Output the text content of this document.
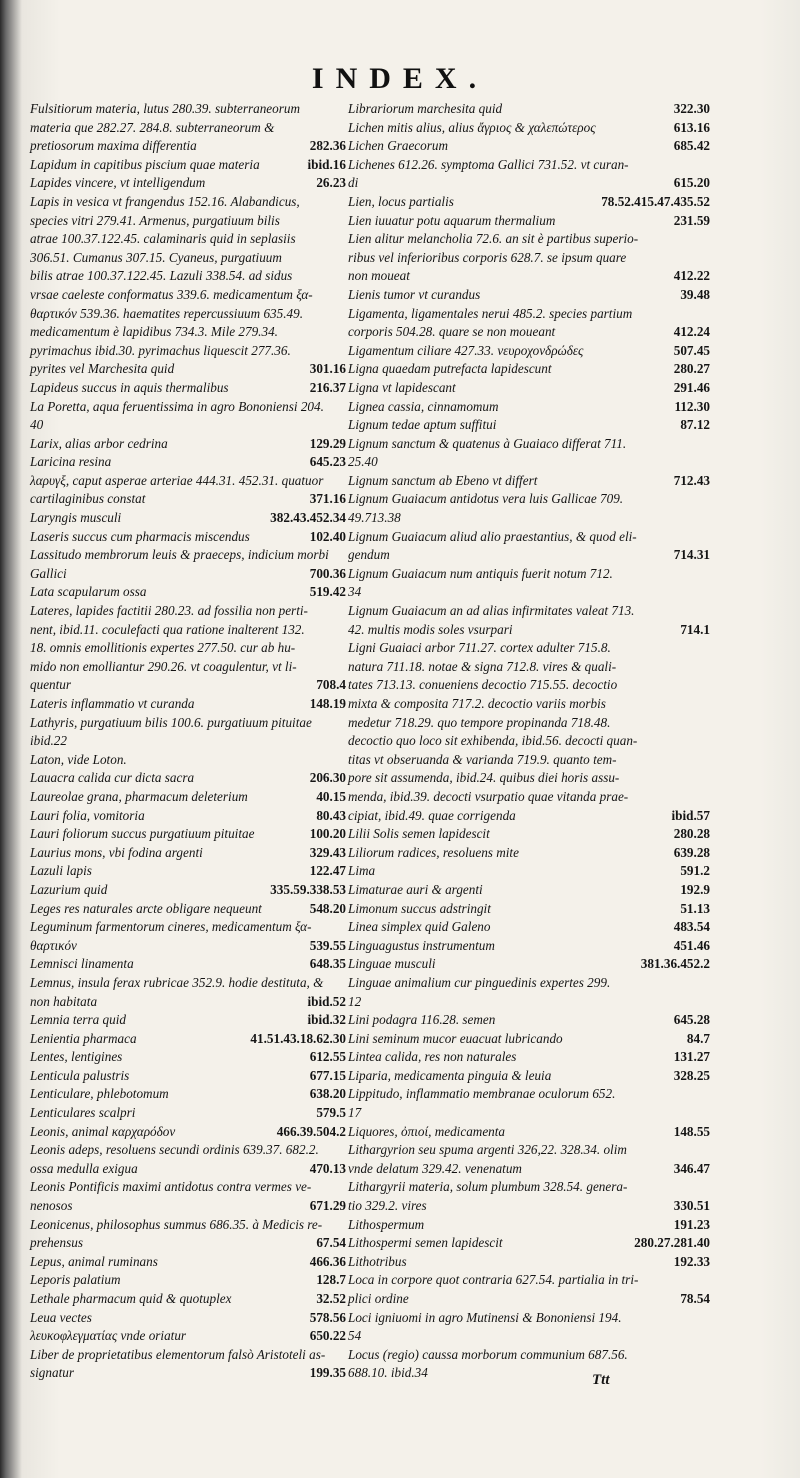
INDEX.
Fulsitiorum materia, lutus 280.39. subterraneorum
materia que 282.27. 284.8. subterraneorum &
pretiosorum maxima differentia	282.36
Lapidum in capitibus piscium quae materia	ibid.16
Lapides vincere, vt intelligendum	26.23
Lapis in vesica vt frangendus 152.16. Alabandicus,
species vitri 279.41. Armenus, purgatiuum bilis
atrae 100.37.122.45. calaminaris quid in seplasiis
306.51. Cumanus 307.15. Cyaneus, purgatiuum
bilis atrae 100.37.122.45. Lazuli 338.54. ad sidus
vrsae caeleste conformatus 339.6. medicamentum ξα-
θαρτικόν 539.36. haematites repercussiuum 635.49.
medicamentum è lapidibus 734.3. Mile 279.34.
pyrimachus ibid.30. pyrimachus liquescit 277.36.
pyrites vel Marchesita quid	301.16
Lapideus succus in aquis thermalibus	216.37
La Poretta, aqua feruentissima in agro Bononiensi 204.
40
Larix, alias arbor cedrina	129.29
Laricina resina	645.23
λαρυγξ, caput asperae arteriae 444.31. 452.31. quatuor
cartilaginibus constat	371.16
Laryngis musculi	382.43.452.34
Laseris succus cum pharmacis miscendus	102.40
Lassitudo membrorum leuis & praeceps, indicium morbi
Gallici	700.36
Lata scapularum ossa	519.42
Lateres, lapides factitii 280.23. ad fossilia non perti-
nent, ibid.11. coculefacti qua ratione inalterent 132.
18. omnis emollitionis expertes 277.50. cur ab hu-
mido non emolliantur 290.26. vt coagulentur, vt li-
quentur	708.4
Lateris inflammatio vt curanda	148.19
Lathyris, purgatiuum bilis 100.6. purgatiuum pituitae
ibid.22
Laton, vide Loton.
Lauacra calida cur dicta sacra	206.30
Laureolae grana, pharmacum deleterium	40.15
Lauri folia, vomitoria	80.43
Lauri foliorum succus purgatiuum pituitae	100.20
Laurius mons, vbi fodina argenti	329.43
Lazuli lapis	122.47
Lazurium quid	335.59.338.53
Leges res naturales arcte obligare nequeunt	548.20
Leguminum farmentorum cineres, medicamentum ξα-
θαρτικόν	539.55
Lemnisci linamenta	648.35
Lemnus, insula ferax rubricae 352.9. hodie destituta, &
non habitata	ibid.52
Lemnia terra quid	ibid.32
Lenientia pharmaca	41.51.43.18.62.30
Lentes, lentigines	612.55
Lenticula palustris	677.15
Lenticulare, phlebotomum	638.20
Lenticulares scalpri	579.5
Leonis, animal καρχαρόδον	466.39.504.2
Leonis adeps, resoluens secundi ordinis 639.37. 682.2.
ossa medulla exigua	470.13
Leonis Pontificis maximi antidotus contra vermes ve-
nenosos	671.29
Leonicenus, philosophus summus 686.35. à Medicis re-
prehensus	67.54
Lepus, animal ruminans	466.36
Leporis palatium	128.7
Lethale pharmacum quid & quotuplex	32.52
Leua vectes	578.56
λευκοφλεγματίας vnde oriatur	650.22
Liber de proprietatibus elementorum falsò Aristoteli as-
signatur	199.35
Librariorum marchesita quid	322.30
Lichen mitis alius, alius ἄγριος & χαλεπώτερος	613.16
Lichen Graecorum	685.42
Lichenes 612.26. symptoma Gallici 731.52. vt curan-
di	615.20
Lien, locus partialis	78.52.415.47.435.52
Lien iuuatur potu aquarum thermalium	231.59
Lien alitur melancholia 72.6. an sit è partibus superio-
ribus vel inferioribus corporis 628.7. se ipsum quare
non moueat	412.22
Lienis tumor vt curandus	39.48
Ligamenta, ligamentales nerui 485.2. species partium
corporis 504.28. quare se non moueant	412.24
Ligamentum ciliare 427.33. νευροχονδρώδες	507.45
Ligna quaedam putrefacta lapidescunt	280.27
Ligna vt lapidescant	291.46
Lignea cassia, cinnamomum	112.30
Lignum tedae aptum suffitui	87.12
Lignum sanctum & quatenus à Guaiaco differat 711.
25.40
Lignum sanctum ab Ebeno vt differt	712.43
Lignum Guaiacum antidotus vera luis Gallicae 709.
49.713.38
Lignum Guaiacum aliud alio praestantius, & quod eli-
gendum	714.31
Lignum Guaiacum num antiquis fuerit notum 712.
34
Lignum Guaiacum an ad alias infirmitates valeat 713.
42. multis modis soles vsurpari	714.1
Ligni Guaiaci arbor 711.27. cortex adulter 715.8.
natura 711.18. notae & signa 712.8. vires & quali-
tates 713.13. conueniens decoctio 715.55. decoctio
mixta & composita 717.2. decoctio variis morbis
medetur 718.29. quo tempore propinanda 718.48.
decoctio quo loco sit exhibenda, ibid.56. decocti quan-
titas vt obseruanda & varianda 719.9. quanto tem-
pore sit assumenda, ibid.24. quibus diei horis assu-
menda, ibid.39. decocti vsurpatio quae vitanda prae-
cipiat, ibid.49. quae corrigenda	ibid.57
Lilii Solis semen lapidescit	280.28
Liliorum radices, resoluens mite	639.28
Lima	591.2
Limaturae auri & argenti	192.9
Limonum succus adstringit	51.13
Linea simplex quid Galeno	483.54
Linguagustus instrumentum	451.46
Linguae musculi	381.36.452.2
Linguae animalium cur pinguedinis expertes 299.
12
Lini podagra 116.28. semen	645.28
Lini seminum mucor euacuat lubricando	84.7
Lintea calida, res non naturales	131.27
Liparia, medicamenta pinguia & leuia	328.25
Lippitudo, inflammatio membranae oculorum 652.
17
Liquores, ὀπιοί, medicamenta	148.55
Lithargyrion seu spuma argenti 326,22. 328.34. olim
vnde delatum 329.42. venenatum	346.47
Lithargyrii materia, solum plumbum 328.54. genera-
tio 329.2. vires	330.51
Lithospermum	191.23
Lithospermi semen lapidescit	280.27.281.40
Lithotribus	192.33
Loca in corpore quot contraria 627.54. partialia in tri-
plici ordine	78.54
Loci igniuomi in agro Mutinensi & Bononiensi 194.
54
Locus (regio) caussa morborum communium 687.56.
688.10. ibid.34	Ttt
